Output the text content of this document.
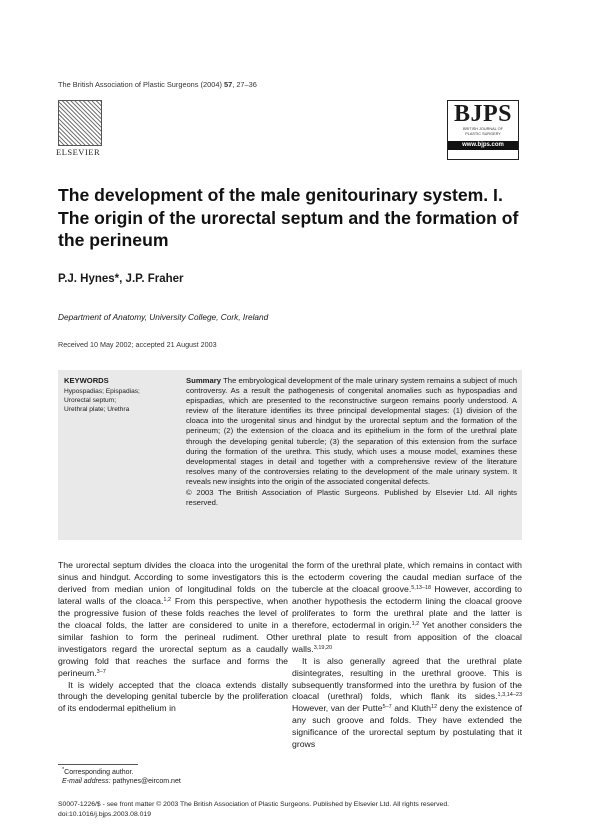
The British Association of Plastic Surgeons (2004) 57, 27–36
ELSEVIER
BJPS
BRITISH JOURNAL OF
PLASTIC SURGERY
www.bjps.com
The development of the male genitourinary system. I. The origin of the urorectal septum and the formation of the perineum
P.J. Hynes*, J.P. Fraher
Department of Anatomy, University College, Cork, Ireland
Received 10 May 2002; accepted 21 August 2003
KEYWORDS
Hypospadias; Epispadias;
Urorectal septum;
Urethral plate; Urethra
Summary The embryological development of the male urinary system remains a subject of much controversy. As a result the pathogenesis of congenital anomalies such as hypospadias and epispadias, which are presented to the reconstructive surgeon remains poorly understood. A review of the literature identifies its three principal developmental stages: (1) division of the cloaca into the urogenital sinus and hindgut by the urorectal septum and the formation of the perineum; (2) the extension of the cloaca and its epithelium in the form of the urethral plate through the developing genital tubercle; (3) the separation of this extension from the surface during the formation of the urethra. This study, which uses a mouse model, examines these developmental stages in detail and together with a comprehensive review of the literature resolves many of the controversies relating to the development of the male urinary system. It reveals new insights into the origin of the associated congenital defects.
© 2003 The British Association of Plastic Surgeons. Published by Elsevier Ltd. All rights reserved.

The urorectal septum divides the cloaca into the urogenital sinus and hindgut. According to some investigators this is derived from median union of longitudinal folds on the lateral walls of the cloaca.$^{1,2}$ From this perspective, when the progressive fusion of these folds reaches the level of the cloacal folds, the latter are considered to unite in a similar fashion to form the perineal rudiment. Other investigators regard the urorectal septum as a caudally growing fold that reaches the surface and forms the perineum.$^{3-7}$

It is widely accepted that the cloaca extends distally through the developing genital tubercle by the proliferation of its endodermal epithelium in

the form of the urethral plate, which remains in contact with the ectoderm covering the caudal median surface of the tubercle at the cloacal groove.$^{5,13-18}$ However, according to another hypothesis the ectoderm lining the cloacal groove proliferates to form the urethral plate and the latter is therefore, ectodermal in origin.$^{1,2}$ Yet another considers the urethral plate to result from apposition of the cloacal walls.$^{3,19,20}$

It is also generally agreed that the urethral plate disintegrates, resulting in the urethral groove. This is subsequently transformed into the urethra by fusion of the cloacal (urethral) folds, which flank its sides.$^{1,3,14-23}$ However, van der Putte$^{5-7}$ and Kluth$^{12}$ deny the existence of any such groove and folds. They have extended the significance of the urorectal septum by postulating that it grows

*Corresponding author.
E-mail address: pathynes@eircom.net
S0007-1226/$ - see front matter © 2003 The British Association of Plastic Surgeons. Published by Elsevier Ltd. All rights reserved.
doi:10.1016/j.bjps.2003.08.019
